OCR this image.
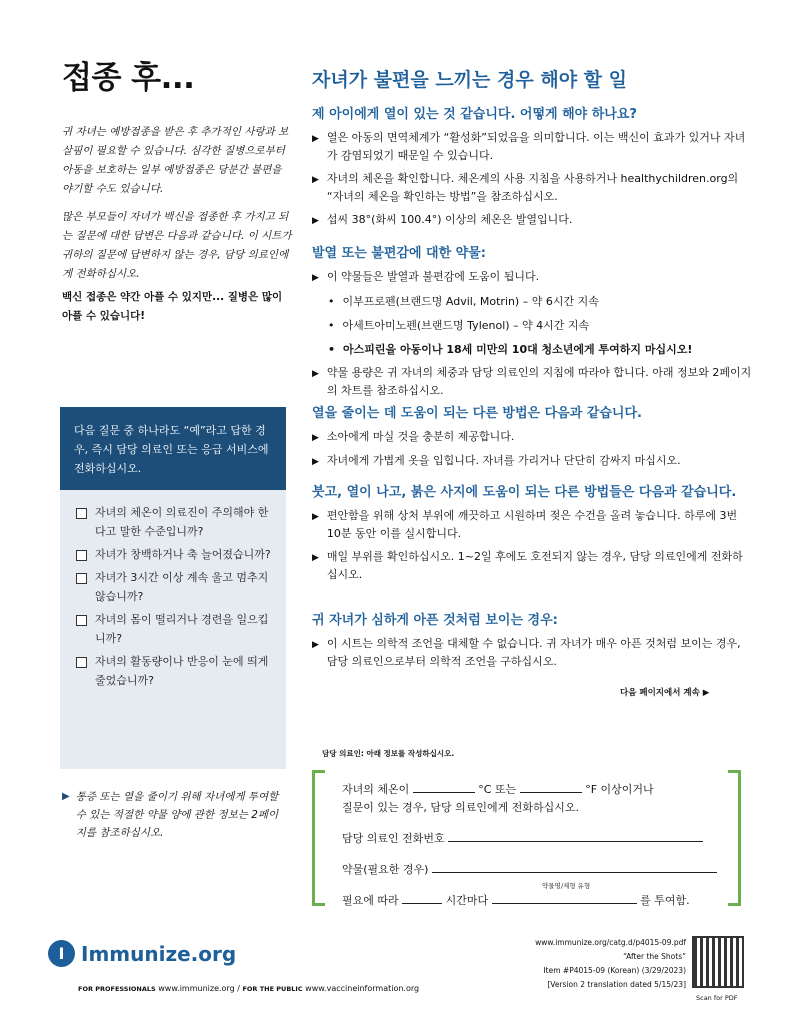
접종 후...

귀 자녀는 예방접종을 받은 후 추가적인 사랑과 보살핌이 필요할 수 있습니다. 심각한 질병으로부터 아동을 보호하는 일부 예방접종은 당분간 불편을 야기할 수도 있습니다.

많은 부모들이 자녀가 백신을 접종한 후 가지고 되는 질문에 대한 답변은 다음과 같습니다. 이 시트가 귀하의 질문에 답변하지 않는 경우, 담당 의료인에게 전화하십시오.

백신 접종은 약간 아플 수 있지만... 질병은 많이 아플 수 있습니다!
다음 질문 중 하나라도 “예”라고 답한 경우, 즉시 담당 의료인 또는 응급 서비스에 전화하십시오.
자녀의 체온이 의료진이 주의해야 한다고 말한 수준입니까?
자녀가 창백하거나 축 늘어졌습니까?
자녀가 3시간 이상 계속 울고 멈추지 않습니까?
자녀의 몸이 떨리거나 경련을 일으킵니까?
자녀의 활동량이나 반응이 눈에 띄게 줄었습니까?
▶ 통증 또는 열을 줄이기 위해 자녀에게 투여할 수 있는 적절한 약물 양에 관한 정보는 2페이지를 참조하십시오.
자녀가 불편을 느끼는 경우 해야 할 일
제 아이에게 열이 있는 것 같습니다. 어떻게 해야 하나요?
▶ 열은 아동의 면역체계가 “활성화”되었음을 의미합니다. 이는 백신이 효과가 있거나 자녀가 감염되었기 때문일 수 있습니다.
▶ 자녀의 체온을 확인합니다. 체온계의 사용 지침을 사용하거나 healthychildren.org의 “자녀의 체온을 확인하는 방법”을 참조하십시오.
▶ 섭씨 38°(화씨 100.4°) 이상의 체온은 발열입니다.
발열 또는 불편감에 대한 약물:
▶ 이 약물들은 발열과 불편감에 도움이 됩니다.
• 이부프로펜(브랜드명 Advil, Motrin) – 약 6시간 지속
• 아세트아미노펜(브랜드명 Tylenol) – 약 4시간 지속
• 아스피린을 아동이나 18세 미만의 10대 청소년에게 투여하지 마십시오!
▶ 약물 용량은 귀 자녀의 체중과 담당 의료인의 지침에 따라야 합니다. 아래 정보와 2페이지의 차트를 참조하십시오.
열을 줄이는 데 도움이 되는 다른 방법은 다음과 같습니다.
▶ 소아에게 마실 것을 충분히 제공합니다.
▶ 자녀에게 가볍게 옷을 입힙니다. 자녀를 가리거나 단단히 감싸지 마십시오.
붓고, 열이 나고, 붉은 사지에 도움이 되는 다른 방법들은 다음과 같습니다.
▶ 편안함을 위해 상처 부위에 깨끗하고 시원하며 젖은 수건을 올려 놓습니다. 하루에 3번 10분 동안 이를 실시합니다.
▶ 매일 부위를 확인하십시오. 1~2일 후에도 호전되지 않는 경우, 담당 의료인에게 전화하십시오.
귀 자녀가 심하게 아픈 것처럼 보이는 경우:
▶ 이 시트는 의학적 조언을 대체할 수 없습니다. 귀 자녀가 매우 아픈 것처럼 보이는 경우, 담당 의료인으로부터 의학적 조언을 구하십시오.
다음 페이지에서 계속 ▶
담당 의료인: 아래 정보를 작성하십시오.
자녀의 체온이	°C 또는	°F 이상이거나
질문이 있는 경우, 담당 의료인에게 전화하십시오.
담당 의료인 전화번호
약물(필요한 경우)
약물명/제형 유형
필요에 따라	시간마다	를 투여함.
I Immunize.org
FOR PROFESSIONALS www.immunize.org / FOR THE PUBLIC www.vaccineinformation.org
www.immunize.org/catg.d/p4015-09.pdf
“After the Shots”
Item #P4015-09 (Korean) (3/29/2023)
[Version 2 translation dated 5/15/23]
Scan for PDF
